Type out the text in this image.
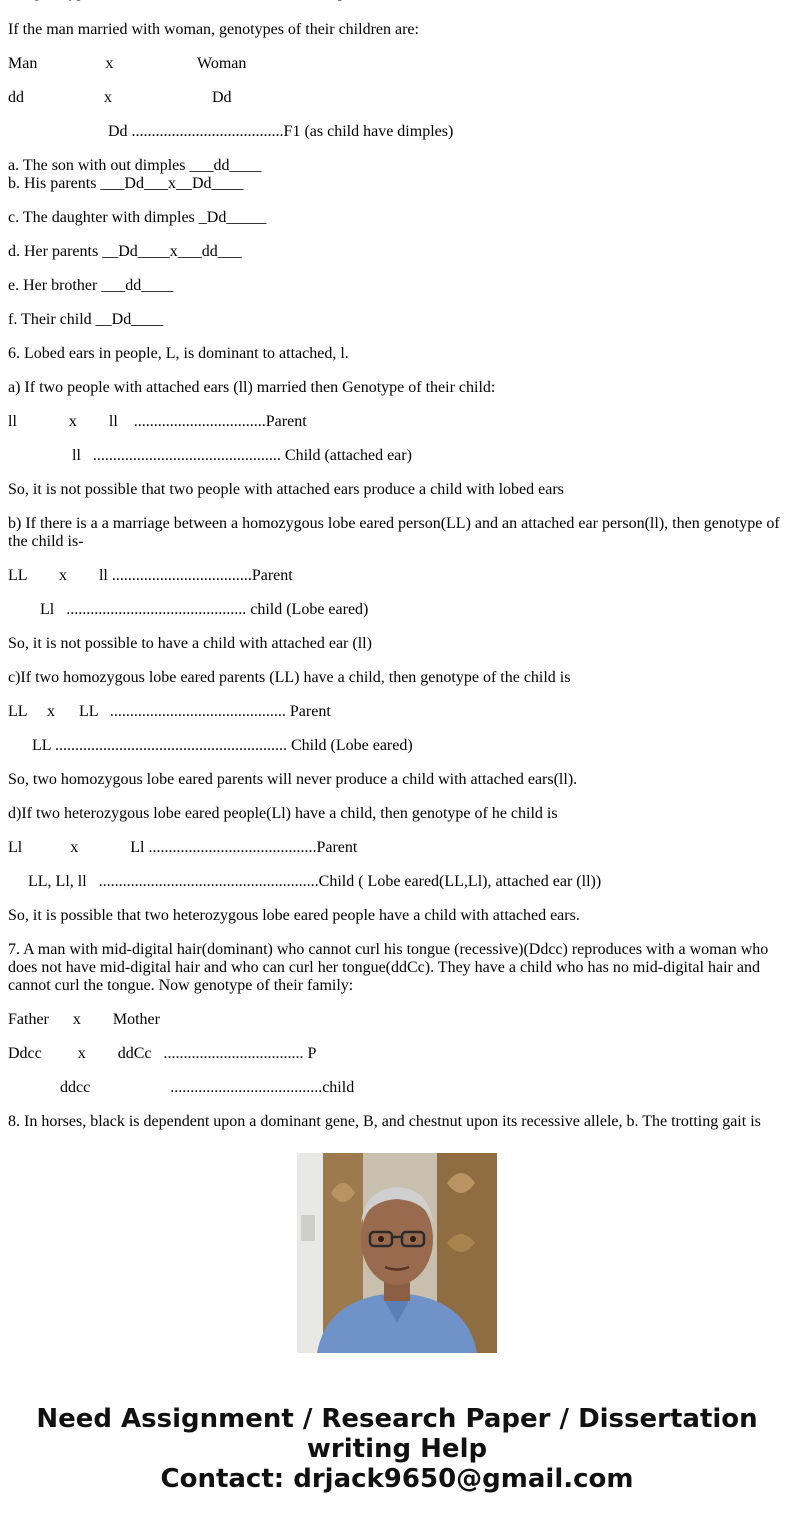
If the man married with woman, genotypes of their children are:
Man                 x                     Woman
dd                    x                         Dd
Dd ......................................F1 (as child have dimples)
a. The son with out dimples ___dd____
b. His parents ___Dd___x__Dd____
c. The daughter with dimples _Dd_____
d. Her parents __Dd____x___dd___
e. Her brother ___dd____
f. Their child __Dd____
6. Lobed ears in people, L, is dominant to attached, l.
a) If two people with attached ears (ll) married then Genotype of their child:
ll             x        ll    .................................Parent
ll   ............................................... Child (attached ear)
So, it is not possible that two people with attached ears produce a child with lobed ears
b) If there is a a marriage between a homozygous lobe eared person(LL) and an attached ear person(ll), then genotype of the child is-
LL        x        ll ...................................Parent
Ll   ............................................. child (Lobe eared)
So, it is not possible to have a child with attached ear (ll)
c)If two homozygous lobe eared parents (LL) have a child, then genotype of the child is
LL     x      LL   ............................................ Parent
LL .......................................................... Child (Lobe eared)
So, two homozygous lobe eared parents will never produce a child with attached ears(ll).
d)If two heterozygous lobe eared people(Ll) have a child, then genotype of he child is
Ll            x             Ll ..........................................Parent
LL, Ll, ll   .......................................................Child ( Lobe eared(LL,Ll), attached ear (ll))
So, it is possible that two heterozygous lobe eared people have a child with attached ears.
7. A man with mid-digital hair(dominant) who cannot curl his tongue (recessive)(Ddcc) reproduces with a woman who does not have mid-digital hair and who can curl her tongue(ddCc). They have a child who has no mid-digital hair and cannot curl the tongue. Now genotype of their family:
Father      x        Mother
Ddcc         x        ddCc   ................................... P
ddcc                    ......................................child
8. In horses, black is dependent upon a dominant gene, B, and chestnut upon its recessive allele, b. The trotting gait is
Need Assignment / Research Paper / Dissertation
writing Help
Contact: drjack9650@gmail.com
